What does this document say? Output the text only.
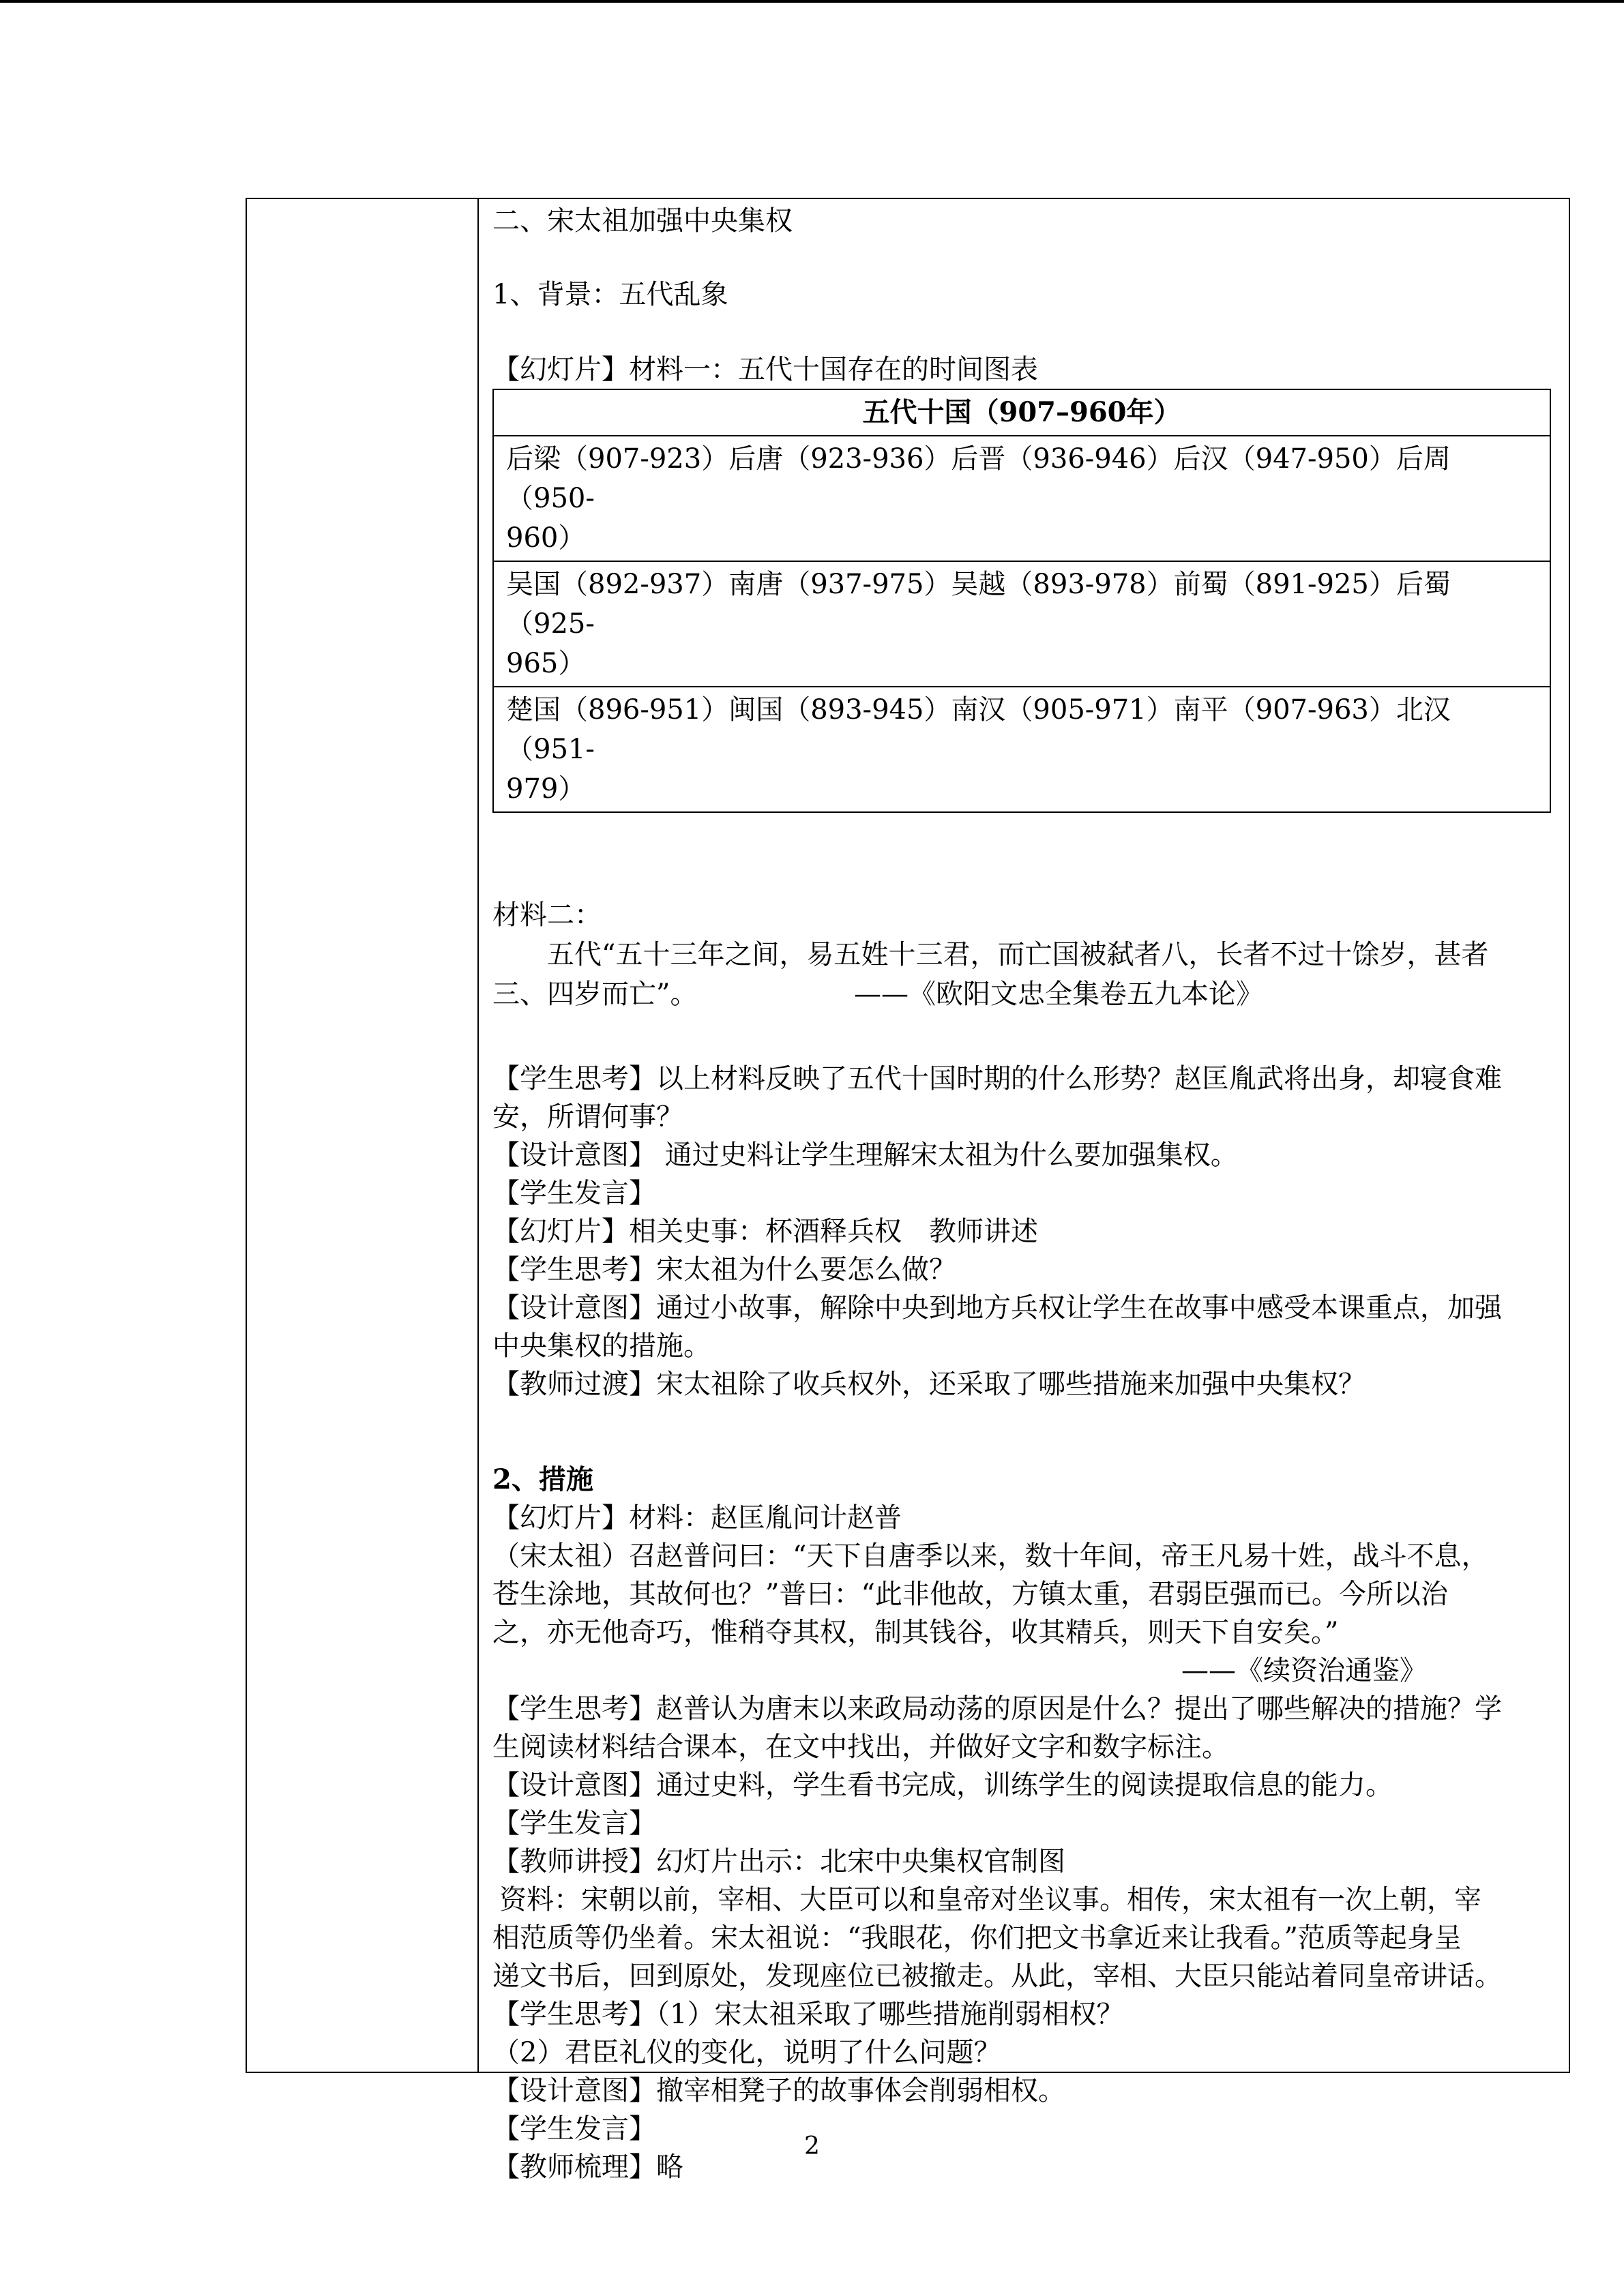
二、宋太祖加强中央集权
1、背景：五代乱象
【幻灯片】材料一：五代十国存在的时间图表
五代十国（907–960年）

后梁（907-923）后唐（923-936）后晋（936-946）后汉（947-950）后周（950-
960）

吴国（892-937）南唐（937-975）吴越（893-978）前蜀（891-925）后蜀（925-
965）

楚国（896-951）闽国（893-945）南汉（905-971）南平（907-963）北汉（951-
979）
材料二：
五代“五十三年之间，易五姓十三君，而亡国被弑者八，长者不过十馀岁，甚者
三、四岁而亡”。	——《欧阳文忠全集卷五九本论》
【学生思考】以上材料反映了五代十国时期的什么形势？赵匡胤武将出身，却寝食难
安，所谓何事？
【设计意图】 通过史料让学生理解宋太祖为什么要加强集权。
【学生发言】
【幻灯片】相关史事：杯酒释兵权　教师讲述
【学生思考】宋太祖为什么要怎么做？
【设计意图】通过小故事，解除中央到地方兵权让学生在故事中感受本课重点，加强
中央集权的措施。
【教师过渡】宋太祖除了收兵权外，还采取了哪些措施来加强中央集权？
2、措施
【幻灯片】材料：赵匡胤问计赵普
（宋太祖）召赵普问曰：“天下自唐季以来，数十年间，帝王凡易十姓，战斗不息，
苍生涂地，其故何也？”普曰：“此非他故，方镇太重，君弱臣强而已。今所以治
之，亦无他奇巧，惟稍夺其权，制其钱谷，收其精兵，则天下自安矣。”
——《续资治通鉴》
【学生思考】赵普认为唐末以来政局动荡的原因是什么？提出了哪些解决的措施？学
生阅读材料结合课本，在文中找出，并做好文字和数字标注。
【设计意图】通过史料，学生看书完成，训练学生的阅读提取信息的能力。
【学生发言】
【教师讲授】幻灯片出示：北宋中央集权官制图
资料：宋朝以前，宰相、大臣可以和皇帝对坐议事。相传，宋太祖有一次上朝，宰
相范质等仍坐着。宋太祖说：“我眼花，你们把文书拿近来让我看。”范质等起身呈
递文书后，回到原处，发现座位已被撤走。从此，宰相、大臣只能站着同皇帝讲话。
【学生思考】（1）宋太祖采取了哪些措施削弱相权？
（2）君臣礼仪的变化，说明了什么问题？
【设计意图】撤宰相凳子的故事体会削弱相权。
【学生发言】
【教师梳理】略
2
